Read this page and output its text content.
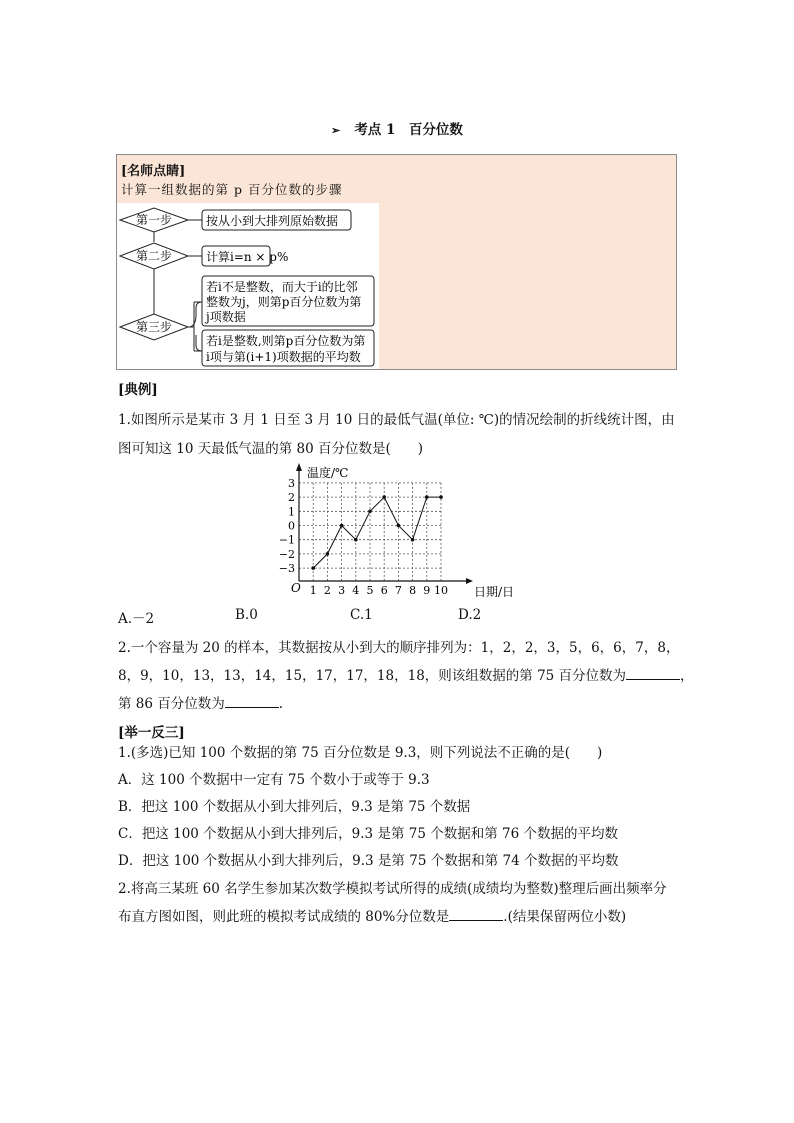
➢ 考点 1　百分位数
[名师点睛]
计算一组数据的第 p 百分位数的步骤
第一步	按从小到大排列原始数据
第二步	计算i=n × p%
第三步
若i不是整数，而大于i的比邻
整数为j，则第p百分位数为第
j项数据
若i是整数,则第p百分位数为第
i项与第(i+1)项数据的平均数
[典例]
1.如图所示是某市 3 月 1 日至 3 月 10 日的最低气温(单位: ℃)的情况绘制的折线统计图，由
图可知这 10 天最低气温的第 80 百分位数是(　　)
温度/℃
日期/日
O
−3
−2
−1
0
1
2
3
1 2 3 4 5 6 7 8 9 10
A.－2	B.0	C.1	D.2
2.一个容量为 20 的样本，其数据按从小到大的顺序排列为：1，2，2，3，5，6，6，7，8，
8，9，10，13，13，14，15，17，17，18，18，则该组数据的第 75 百分位数为	，
第 86 百分位数为	.
[举一反三]
1.(多选)已知 100 个数据的第 75 百分位数是 9.3，则下列说法不正确的是(　　)
A．这 100 个数据中一定有 75 个数小于或等于 9.3
B．把这 100 个数据从小到大排列后，9.3 是第 75 个数据
C．把这 100 个数据从小到大排列后，9.3 是第 75 个数据和第 76 个数据的平均数
D．把这 100 个数据从小到大排列后，9.3 是第 75 个数据和第 74 个数据的平均数
2.将高三某班 60 名学生参加某次数学模拟考试所得的成绩(成绩均为整数)整理后画出频率分
布直方图如图，则此班的模拟考试成绩的 80%分位数是	.(结果保留两位小数)
